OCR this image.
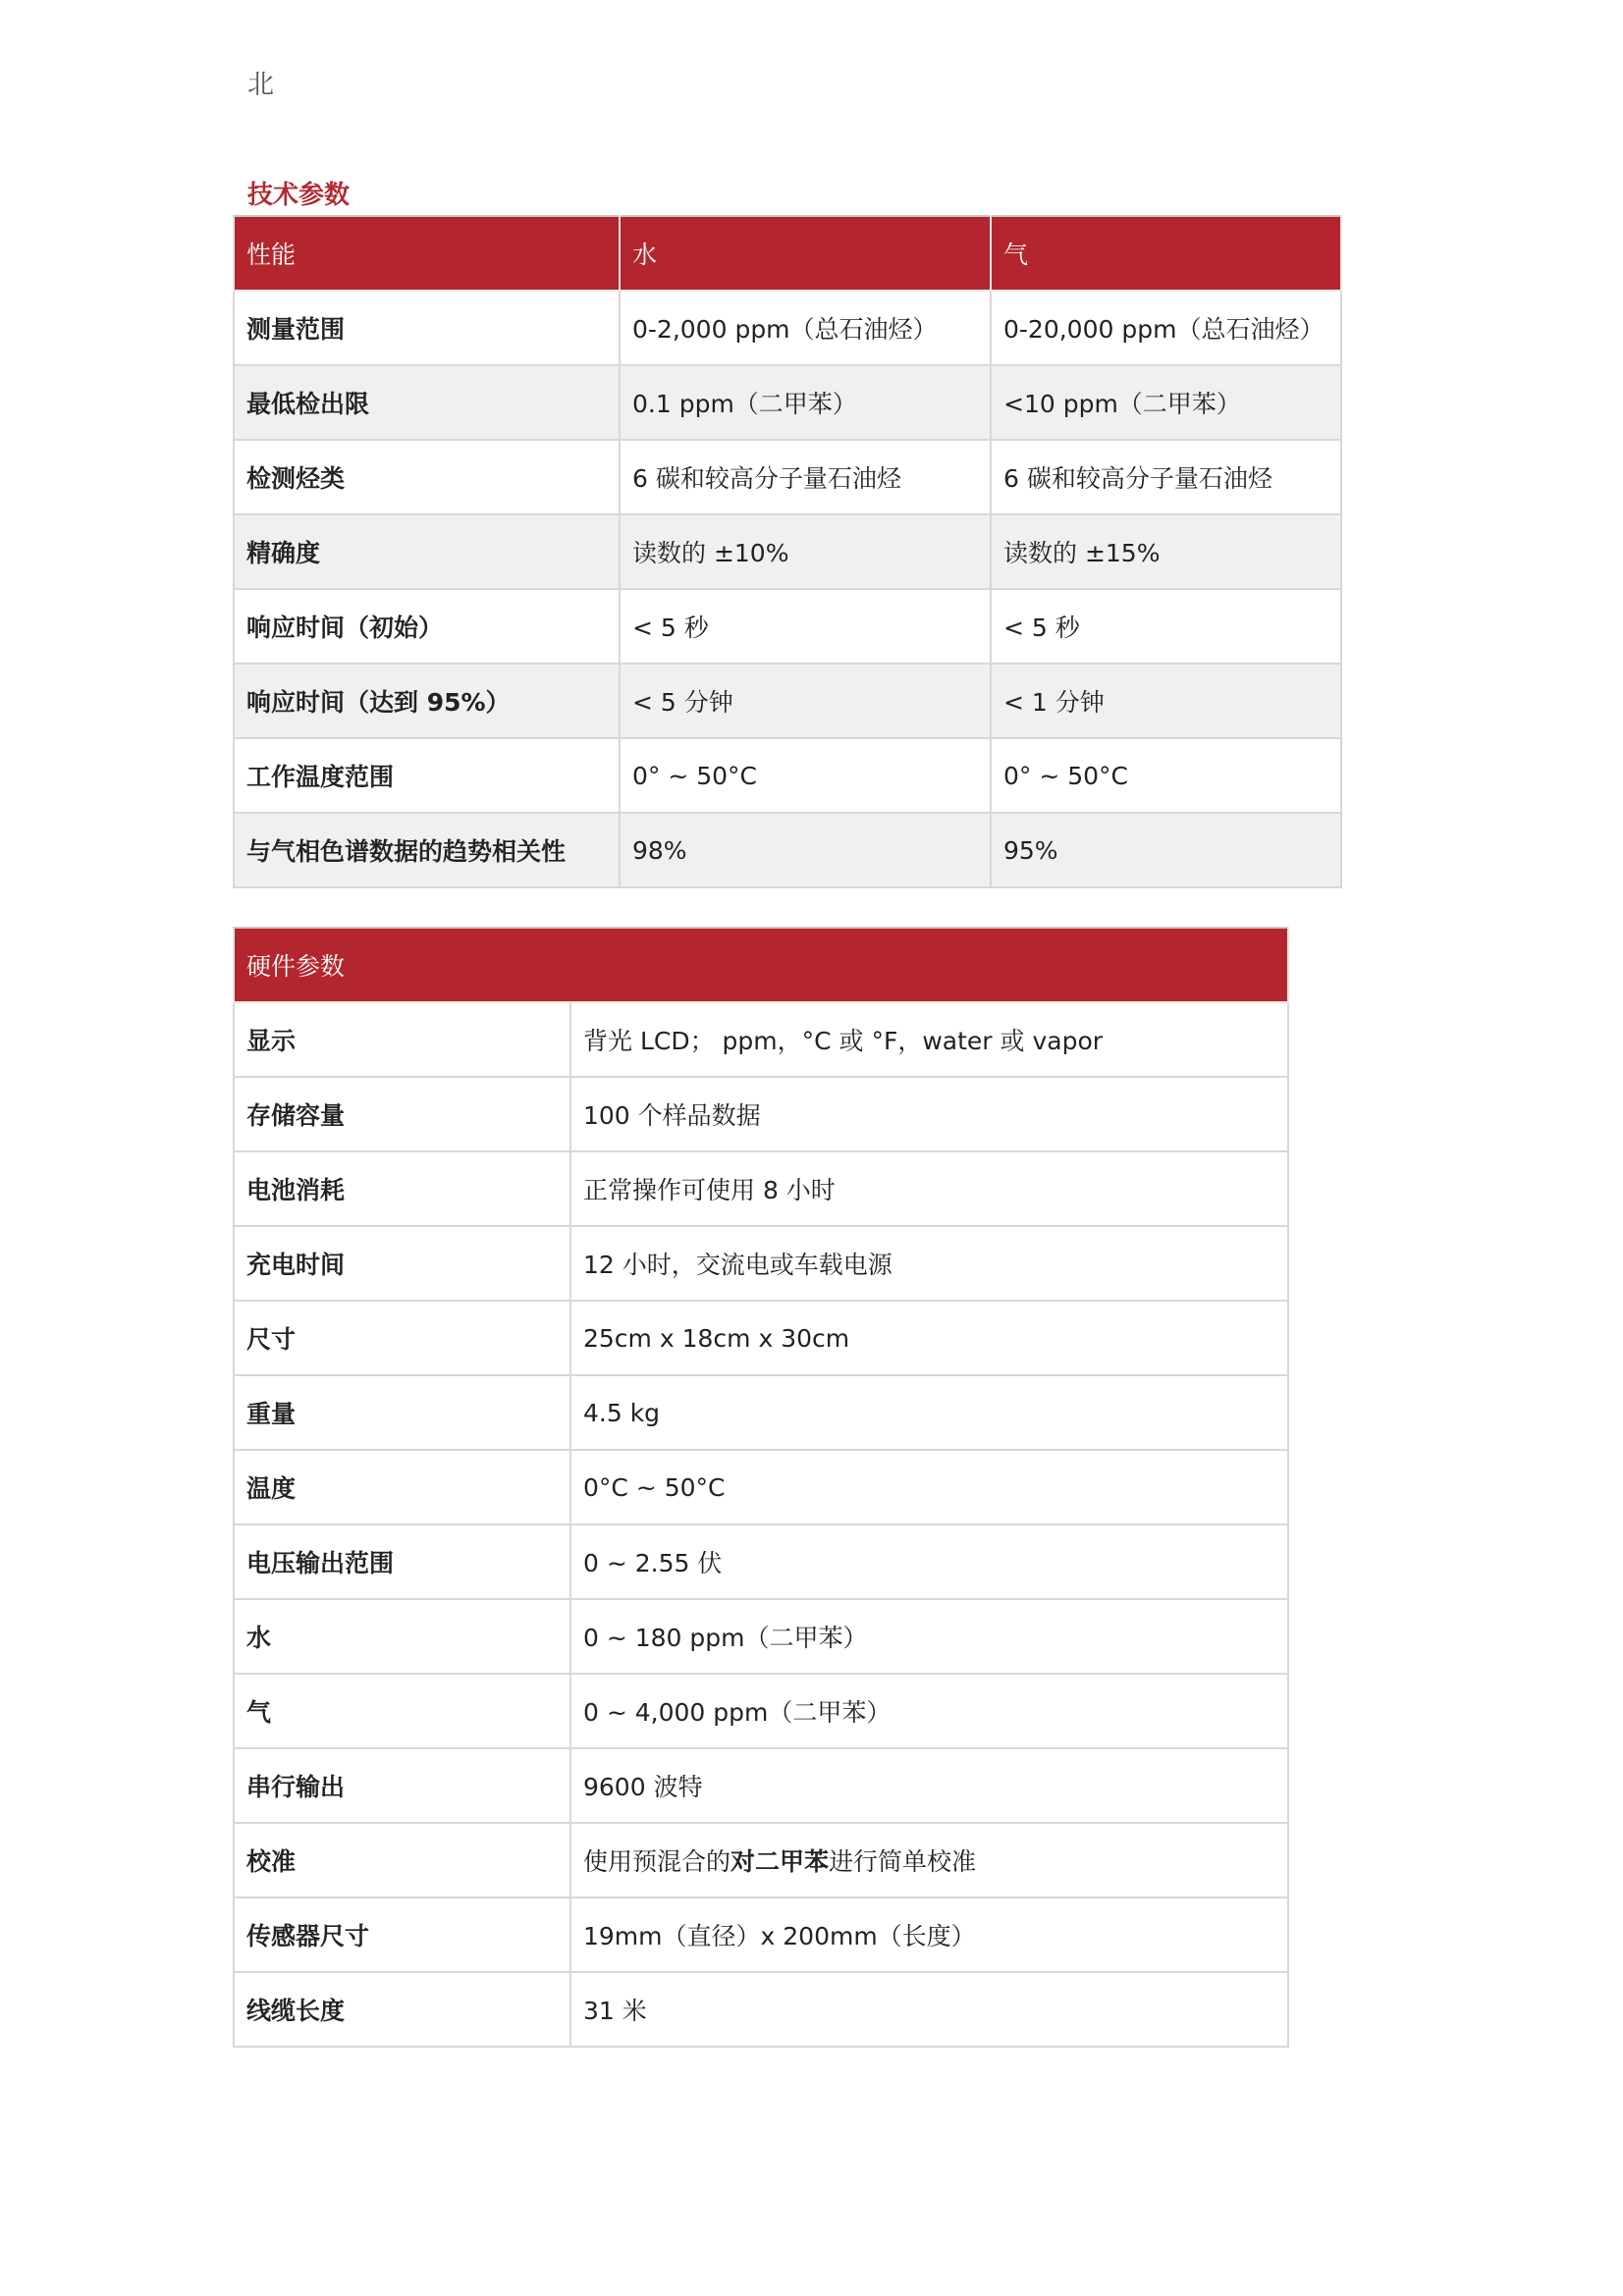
北
技术参数
性能	水	气
测量范围	0-2,000 ppm（总石油烃）	0-20,000 ppm（总石油烃）
最低检出限	0.1 ppm（二甲苯）	<10 ppm（二甲苯）
检测烃类	6 碳和较高分子量石油烃	6 碳和较高分子量石油烃
精确度	读数的 ±10%	读数的 ±15%
响应时间（初始）	< 5 秒	< 5 秒
响应时间（达到 95%）	< 5 分钟	< 1 分钟
工作温度范围	0° ~ 50°C	0° ~ 50°C
与气相色谱数据的趋势相关性	98%	95%
硬件参数	
显示	背光 LCD； ppm，°C 或 °F，water 或 vapor
存储容量	100 个样品数据
电池消耗	正常操作可使用 8 小时
充电时间	12 小时，交流电或车载电源
尺寸	25cm x 18cm x 30cm
重量	4.5 kg
温度	0°C ~ 50°C
电压输出范围	0 ~ 2.55 伏
水	0 ~ 180 ppm（二甲苯）
气	0 ~ 4,000 ppm（二甲苯）
串行输出	9600 波特
校准	使用预混合的对二甲苯进行简单校准
传感器尺寸	19mm（直径）x 200mm（长度）
线缆长度	31 米
